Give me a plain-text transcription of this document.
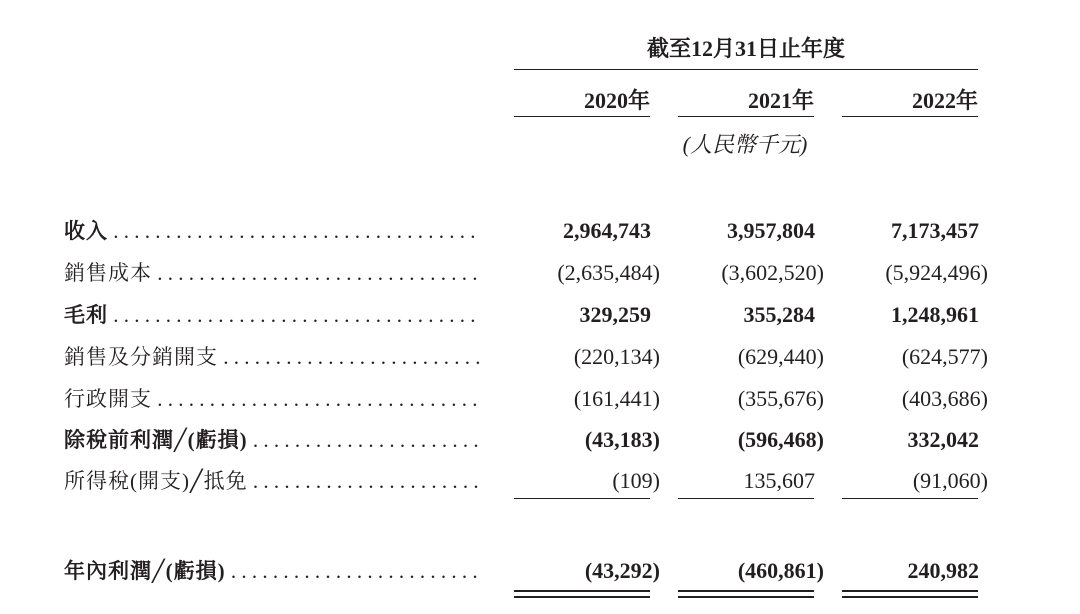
截至12月31日止年度
2020年	2021年	2022年
(人民幣千元)
收入 . . .	2,964,743	3,957,804	7,173,457
銷售成本 . . .	(2,635,484)	(3,602,520)	(5,924,496)
毛利 . . .	329,259	355,284	1,248,961
銷售及分銷開支 . . .	(220,134)	(629,440)	(624,577)
行政開支 . . .	(161,441)	(355,676)	(403,686)
除稅前利潤╱(虧損) . . .	(43,183)	(596,468)	332,042
所得稅(開支)╱抵免 . . .	(109)	135,607	(91,060)
年內利潤╱(虧損) . . .	(43,292)	(460,861)	240,982
